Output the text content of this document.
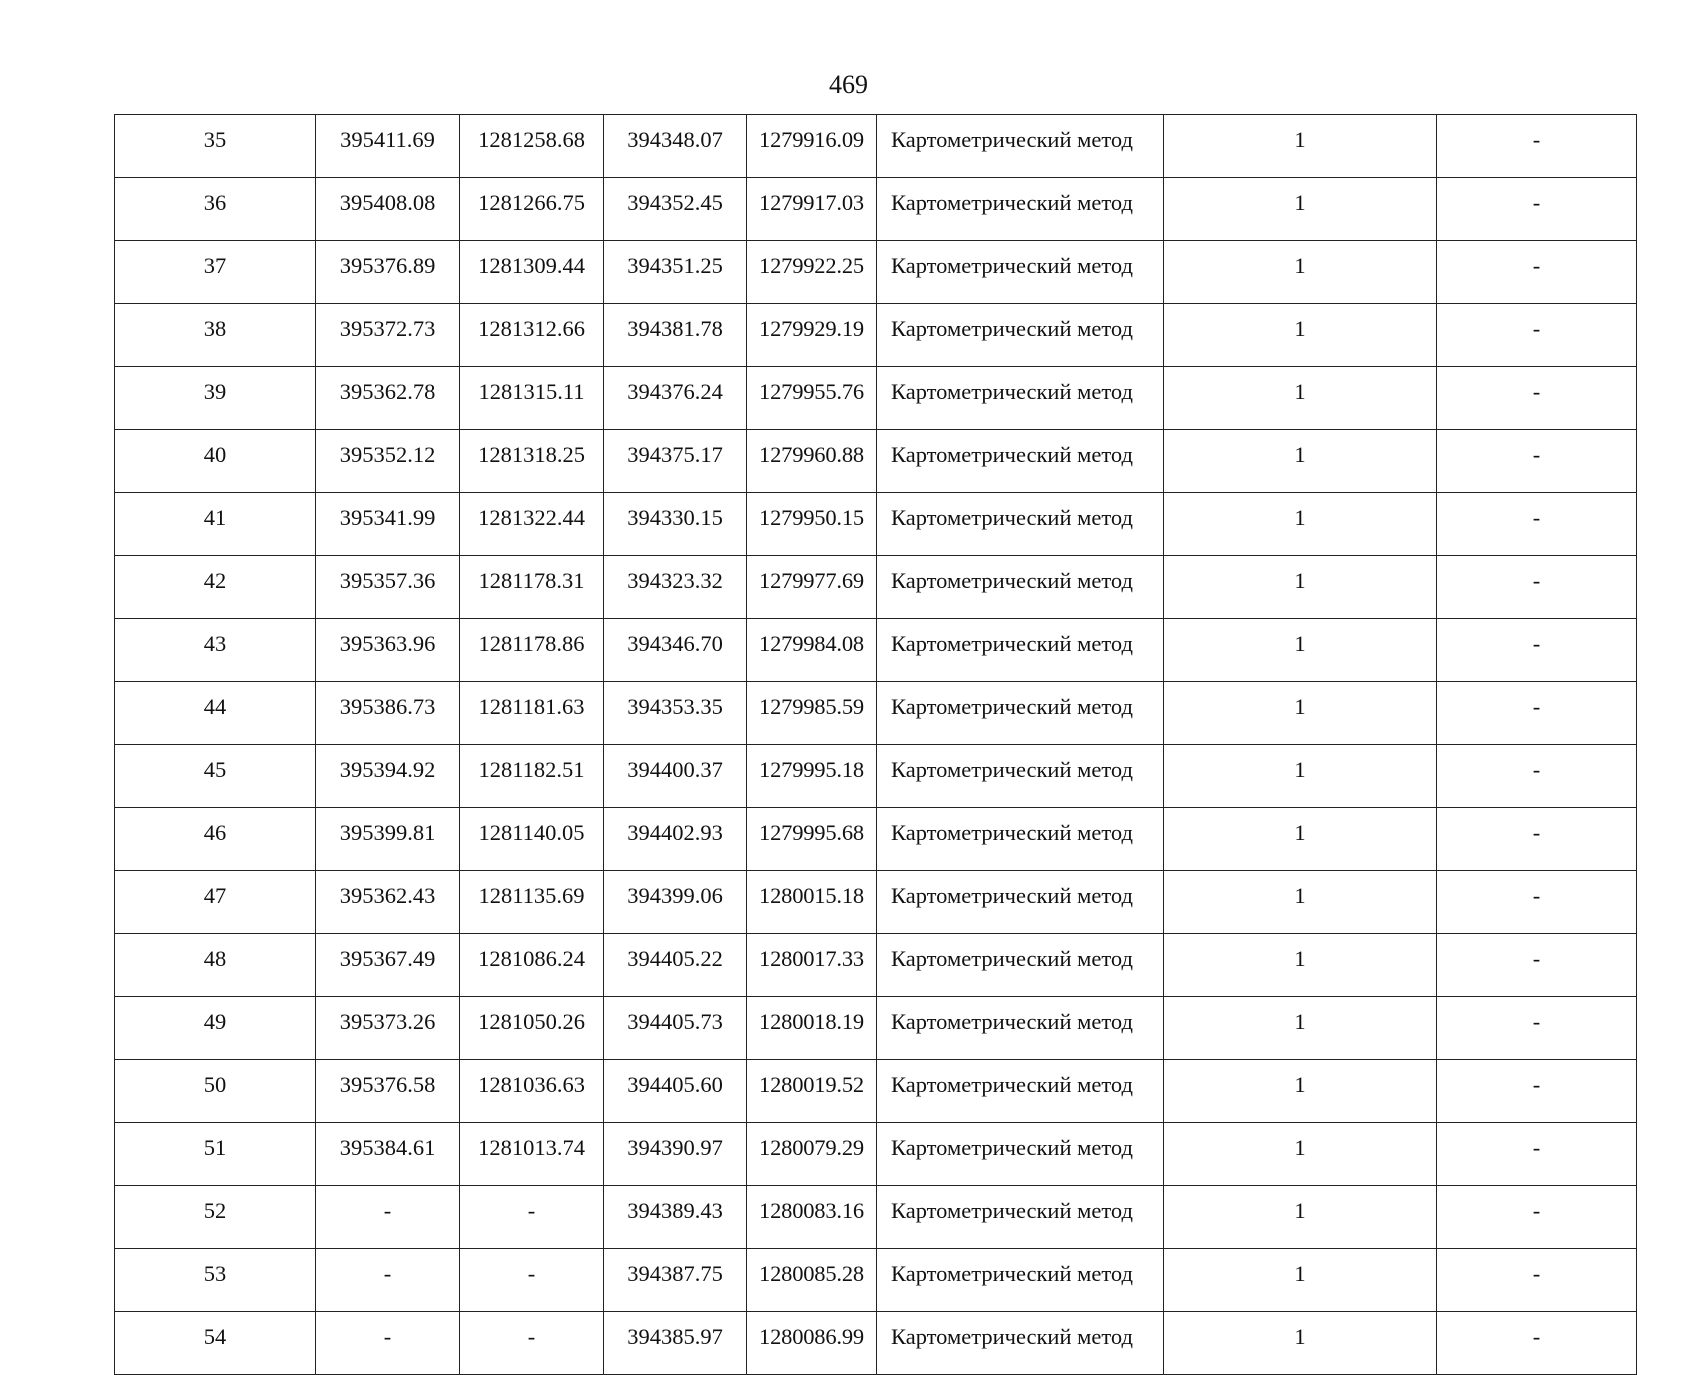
469
35	395411.69	1281258.68	394348.07	1279916.09	Картометрический метод	1	-
36	395408.08	1281266.75	394352.45	1279917.03	Картометрический метод	1	-
37	395376.89	1281309.44	394351.25	1279922.25	Картометрический метод	1	-
38	395372.73	1281312.66	394381.78	1279929.19	Картометрический метод	1	-
39	395362.78	1281315.11	394376.24	1279955.76	Картометрический метод	1	-
40	395352.12	1281318.25	394375.17	1279960.88	Картометрический метод	1	-
41	395341.99	1281322.44	394330.15	1279950.15	Картометрический метод	1	-
42	395357.36	1281178.31	394323.32	1279977.69	Картометрический метод	1	-
43	395363.96	1281178.86	394346.70	1279984.08	Картометрический метод	1	-
44	395386.73	1281181.63	394353.35	1279985.59	Картометрический метод	1	-
45	395394.92	1281182.51	394400.37	1279995.18	Картометрический метод	1	-
46	395399.81	1281140.05	394402.93	1279995.68	Картометрический метод	1	-
47	395362.43	1281135.69	394399.06	1280015.18	Картометрический метод	1	-
48	395367.49	1281086.24	394405.22	1280017.33	Картометрический метод	1	-
49	395373.26	1281050.26	394405.73	1280018.19	Картометрический метод	1	-
50	395376.58	1281036.63	394405.60	1280019.52	Картометрический метод	1	-
51	395384.61	1281013.74	394390.97	1280079.29	Картометрический метод	1	-
52	-	-	394389.43	1280083.16	Картометрический метод	1	-
53	-	-	394387.75	1280085.28	Картометрический метод	1	-
54	-	-	394385.97	1280086.99	Картометрический метод	1	-
